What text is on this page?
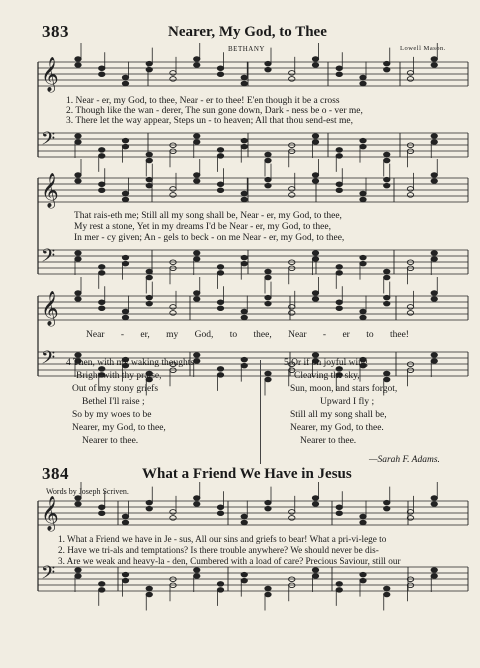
383	Nearer, My God, to Thee
BETHANY	Lowell Mason.
𝄞
𝄢
𝄞
𝄢
𝄞
𝄢
𝄞
𝄢
1. Near - er, my God, to thee, Near - er to thee! E'en though it be a cross
2. Though like the wan - derer, The sun gone down, Dark - ness be o - ver me,
3. There let the way appear, Steps un - to heaven; All that thou send-est me,
That rais-eth me; Still all my song shall be, Near - er, my God, to thee,
My rest a stone, Yet in my dreams I'd be Near - er, my God, to thee,
In mer - cy given; An - gels to beck - on me Near - er, my God, to thee,
Near - er, my God, to thee, Near - er to thee!
4 Then, with my waking thoughts
Bright with thy praise,
Out of my stony griefs
Bethel I'll raise ;
So by my woes to be
Nearer, my God, to thee,
Nearer to thee.
5 Or if on joyful wing
Cleaving the sky,
Sun, moon, and stars forgot,
Upward I fly ;
Still all my song shall be,
Nearer, my God, to thee.
Nearer to thee.
—Sarah F. Adams.
384	What a Friend We Have in Jesus
Words by Joseph Scriven.
1. What a Friend we have in Je - sus, All our sins and griefs to bear! What a pri-vi-lege to
2. Have we tri-als and temptations? Is there trouble anywhere? We should never be dis-
3. Are we weak and heavy-la - den, Cumbered with a load of care? Precious Saviour, still our
